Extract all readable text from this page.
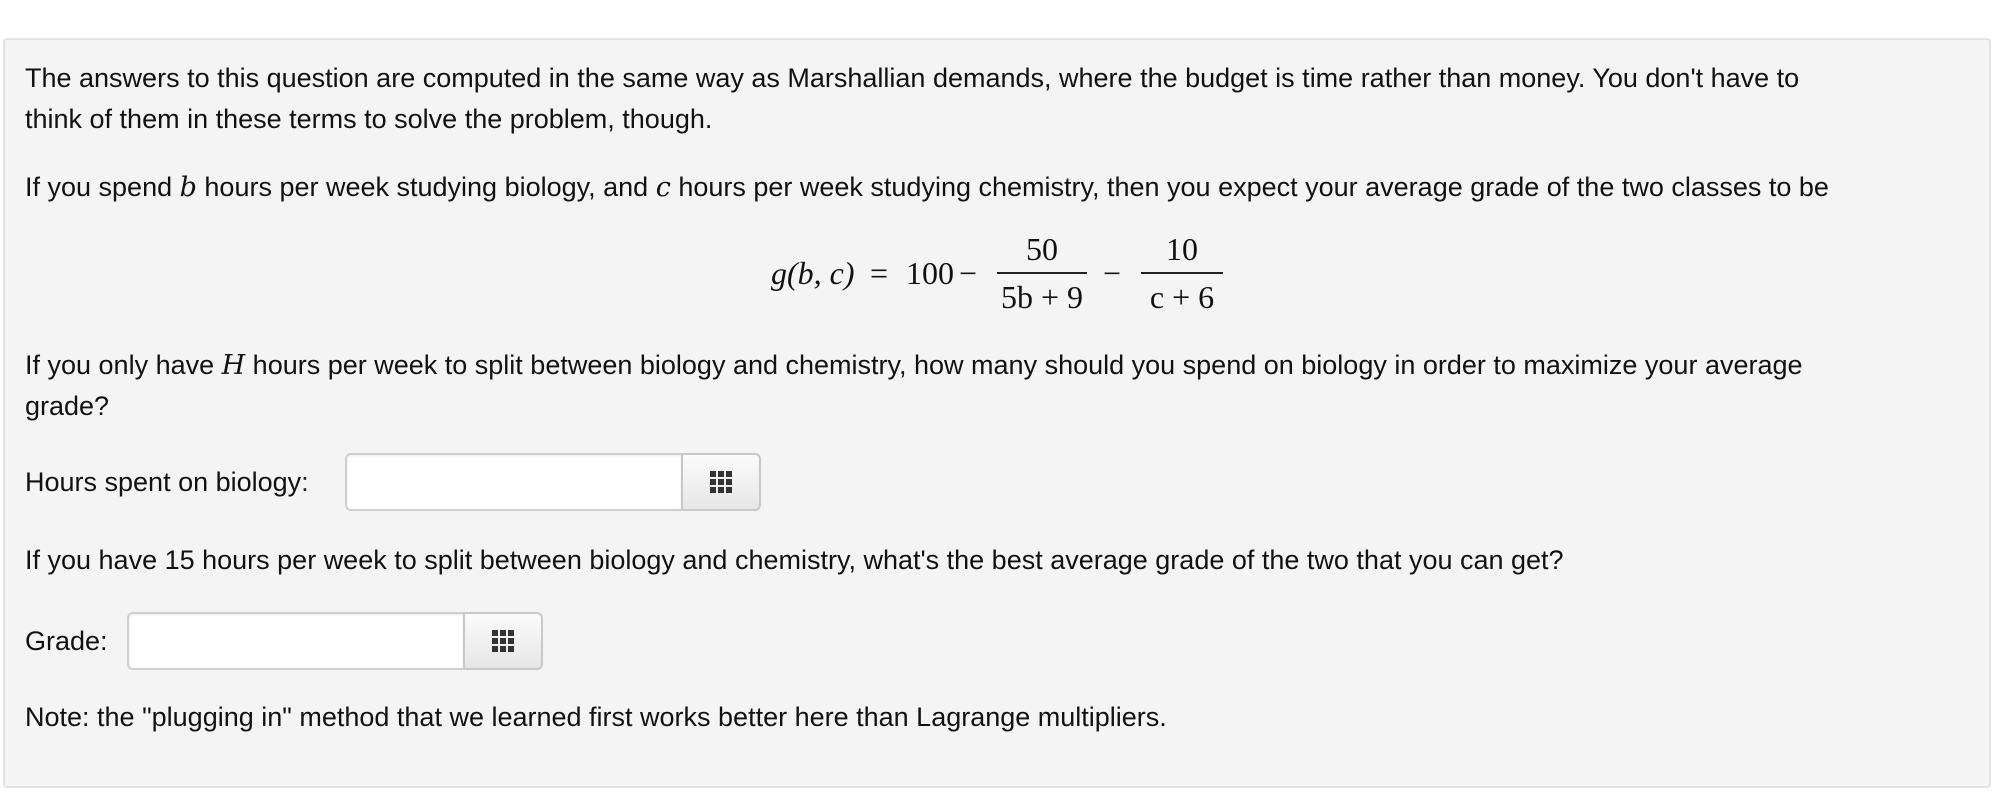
The answers to this question are computed in the same way as Marshallian demands, where the budget is time rather than money. You don't have to

think of them in these terms to solve the problem, though.

If you spend b hours per week studying biology, and c hours per week studying chemistry, then you expect your average grade of the two classes to be

g(b, c) = 100 −
50
5b + 9
−
10
c + 6

If you only have H hours per week to split between biology and chemistry, how many should you spend on biology in order to maximize your average

grade?

Hours spent on biology:

If you have 15 hours per week to split between biology and chemistry, what's the best average grade of the two that you can get?

Grade:

Note: the "plugging in" method that we learned first works better here than Lagrange multipliers.
